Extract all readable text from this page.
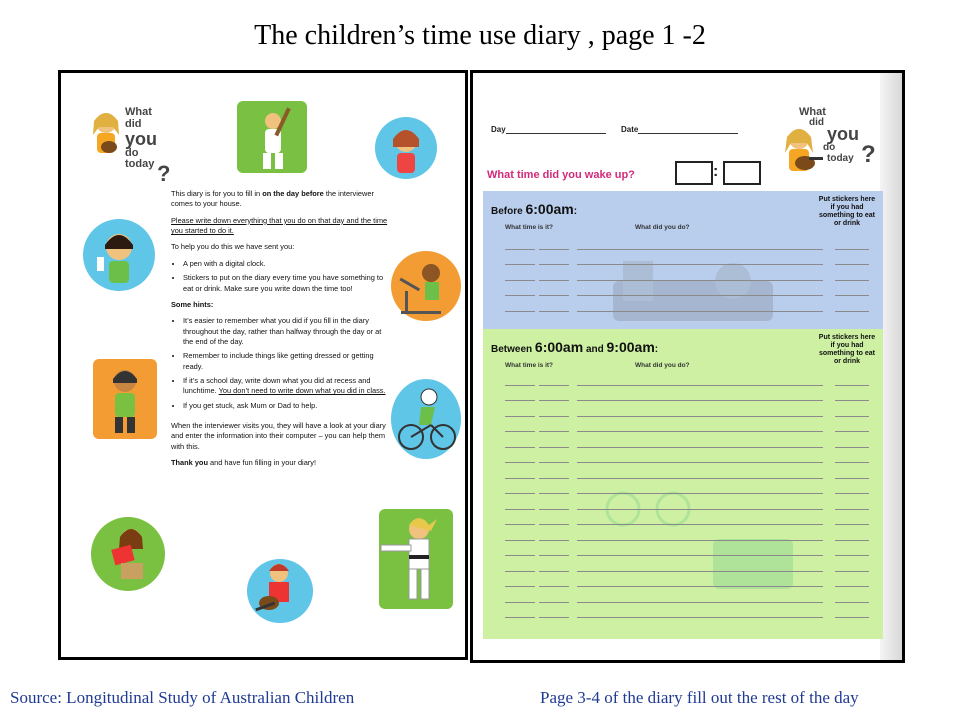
The children’s time use diary , page 1 -2
What
did
you
do
today ?

This diary is for you to fill in on the day before the interviewer comes to your house.

Please write down everything that you do on that day and the time you started to do it.

To help you do this we have sent you:

• A pen with a digital clock.
• Stickers to put on the diary every time you have something to eat or drink. Make sure you write down the time too!

Some hints:

• It’s easier to remember what you did if you fill in the diary throughout the day, rather than halfway through the day or at the end of the day.
• Remember to include things like getting dressed or getting ready.
• If it’s a school day, write down what you did at recess and lunchtime. You don’t need to write down what you did in class.
• If you get stuck, ask Mum or Dad to help.

When the interviewer visits you, they will have a look at your diary and enter the information into their computer – you can help them with this.

Thank you and have fun filling in your diary!

Day	Date
What
did
you
do
today ?
What time did you wake up?	:
Before 6:00am:
Put stickers here if you had something to eat or drink
What time is it?	What did you do?
Between 6:00am and 9:00am:
Put stickers here if you had something to eat or drink
What time is it?	What did you do?
Source: Longitudinal Study of Australian Children	Page 3-4 of the diary fill out the rest of the day
